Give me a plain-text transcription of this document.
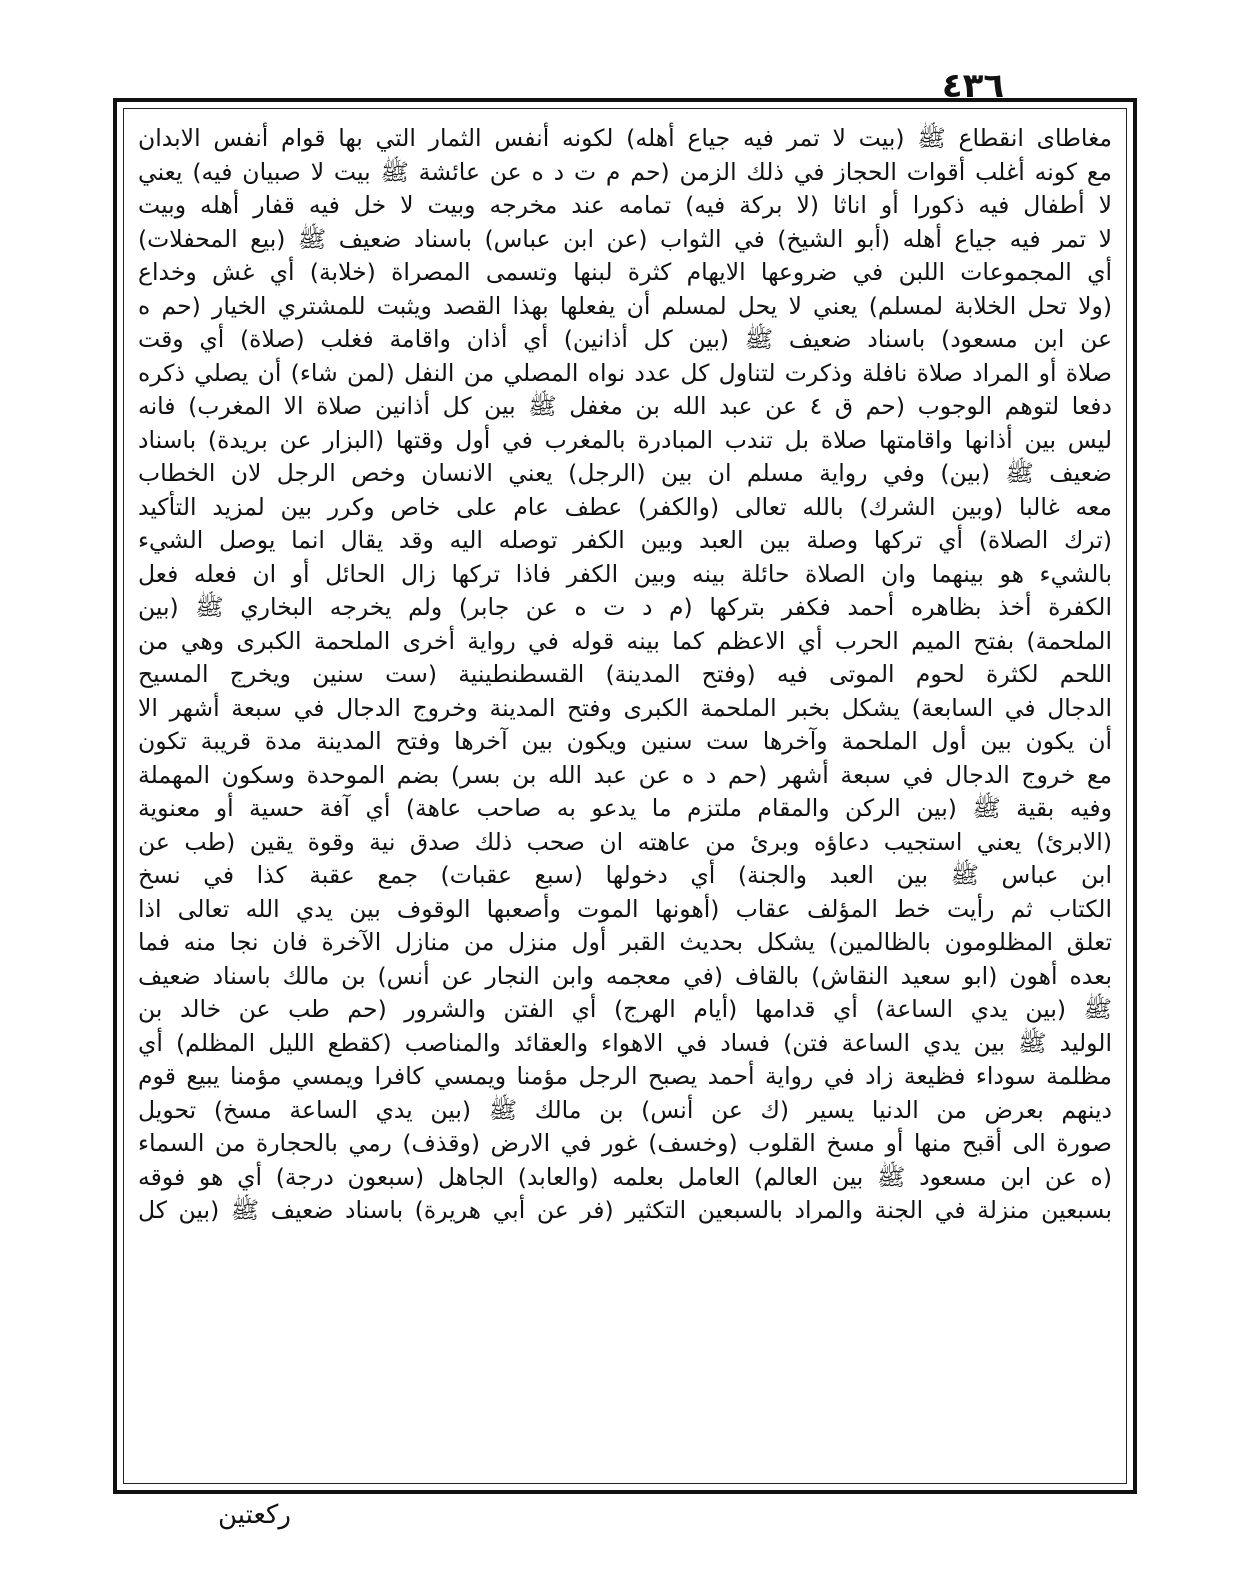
٤٣٦
مغاطاى انقطاع ﷺ (بيت لا تمر فيه جياع أهله) لكونه أنفس الثمار التي بها قوام أنفس الابدان
مع كونه أغلب أقوات الحجاز في ذلك الزمن (حم م ت د ه عن عائشة ﷺ بيت لا صبيان فيه) يعني
لا أطفال فيه ذكورا أو اناثا (لا بركة فيه) تمامه عند مخرجه وبيت لا خل فيه قفار أهله وبيت
لا تمر فيه جياع أهله (أبو الشيخ) في الثواب (عن ابن عباس) باسناد ضعيف ﷺ (بيع المحفلات)
أي المجموعات اللبن في ضروعها الايهام كثرة لبنها وتسمى المصراة (خلابة) أي غش وخداع
(ولا تحل الخلابة لمسلم) يعني لا يحل لمسلم أن يفعلها بهذا القصد ويثبت للمشتري الخيار (حم ه
عن ابن مسعود) باسناد ضعيف ﷺ (بين كل أذانين) أي أذان واقامة فغلب (صلاة) أي وقت
صلاة أو المراد صلاة نافلة وذكرت لتناول كل عدد نواه المصلي من النفل (لمن شاء) أن يصلي ذكره
دفعا لتوهم الوجوب (حم ق ٤ عن عبد الله بن مغفل ﷺ بين كل أذانين صلاة الا المغرب) فانه
ليس بين أذانها واقامتها صلاة بل تندب المبادرة بالمغرب في أول وقتها (البزار عن بريدة) باسناد
ضعيف ﷺ (بين) وفي رواية مسلم ان بين (الرجل) يعني الانسان وخص الرجل لان الخطاب
معه غالبا (وبين الشرك) بالله تعالى (والكفر) عطف عام على خاص وكرر بين لمزيد التأكيد
(ترك الصلاة) أي تركها وصلة بين العبد وبين الكفر توصله اليه وقد يقال انما يوصل الشيء
بالشيء هو بينهما وان الصلاة حائلة بينه وبين الكفر فاذا تركها زال الحائل أو ان فعله فعل
الكفرة أخذ بظاهره أحمد فكفر بتركها (م د ت ه عن جابر) ولم يخرجه البخاري ﷺ (بين
الملحمة) بفتح الميم الحرب أي الاعظم كما بينه قوله في رواية أخرى الملحمة الكبرى وهي من
اللحم لكثرة لحوم الموتى فيه (وفتح المدينة) القسطنطينية (ست سنين ويخرج المسيح
الدجال في السابعة) يشكل بخبر الملحمة الكبرى وفتح المدينة وخروج الدجال في سبعة أشهر الا
أن يكون بين أول الملحمة وآخرها ست سنين ويكون بين آخرها وفتح المدينة مدة قريبة تكون
مع خروج الدجال في سبعة أشهر (حم د ه عن عبد الله بن بسر) بضم الموحدة وسكون المهملة
وفيه بقية ﷺ (بين الركن والمقام ملتزم ما يدعو به صاحب عاهة) أي آفة حسية أو معنوية
(الابرئ) يعني استجيب دعاؤه وبرئ من عاهته ان صحب ذلك صدق نية وقوة يقين (طب عن
ابن عباس ﷺ بين العبد والجنة) أي دخولها (سبع عقبات) جمع عقبة كذا في نسخ
الكتاب ثم رأيت خط المؤلف عقاب (أهونها الموت وأصعبها الوقوف بين يدي الله تعالى اذا
تعلق المظلومون بالظالمين) يشكل بحديث القبر أول منزل من منازل الآخرة فان نجا منه فما
بعده أهون (ابو سعيد النقاش) بالقاف (في معجمه وابن النجار عن أنس) بن مالك باسناد ضعيف
ﷺ (بين يدي الساعة) أي قدامها (أيام الهرج) أي الفتن والشرور (حم طب عن خالد بن
الوليد ﷺ بين يدي الساعة فتن) فساد في الاهواء والعقائد والمناصب (كقطع الليل المظلم) أي
مظلمة سوداء فظيعة زاد في رواية أحمد يصبح الرجل مؤمنا ويمسي كافرا ويمسي مؤمنا يبيع قوم
دينهم بعرض من الدنيا يسير (ك عن أنس) بن مالك ﷺ (بين يدي الساعة مسخ) تحويل
صورة الى أقبح منها أو مسخ القلوب (وخسف) غور في الارض (وقذف) رمي بالحجارة من السماء
(ه عن ابن مسعود ﷺ بين العالم) العامل بعلمه (والعابد) الجاهل (سبعون درجة) أي هو فوقه
بسبعين منزلة في الجنة والمراد بالسبعين التكثير (فر عن أبي هريرة) باسناد ضعيف ﷺ (بين كل
ركعتين
